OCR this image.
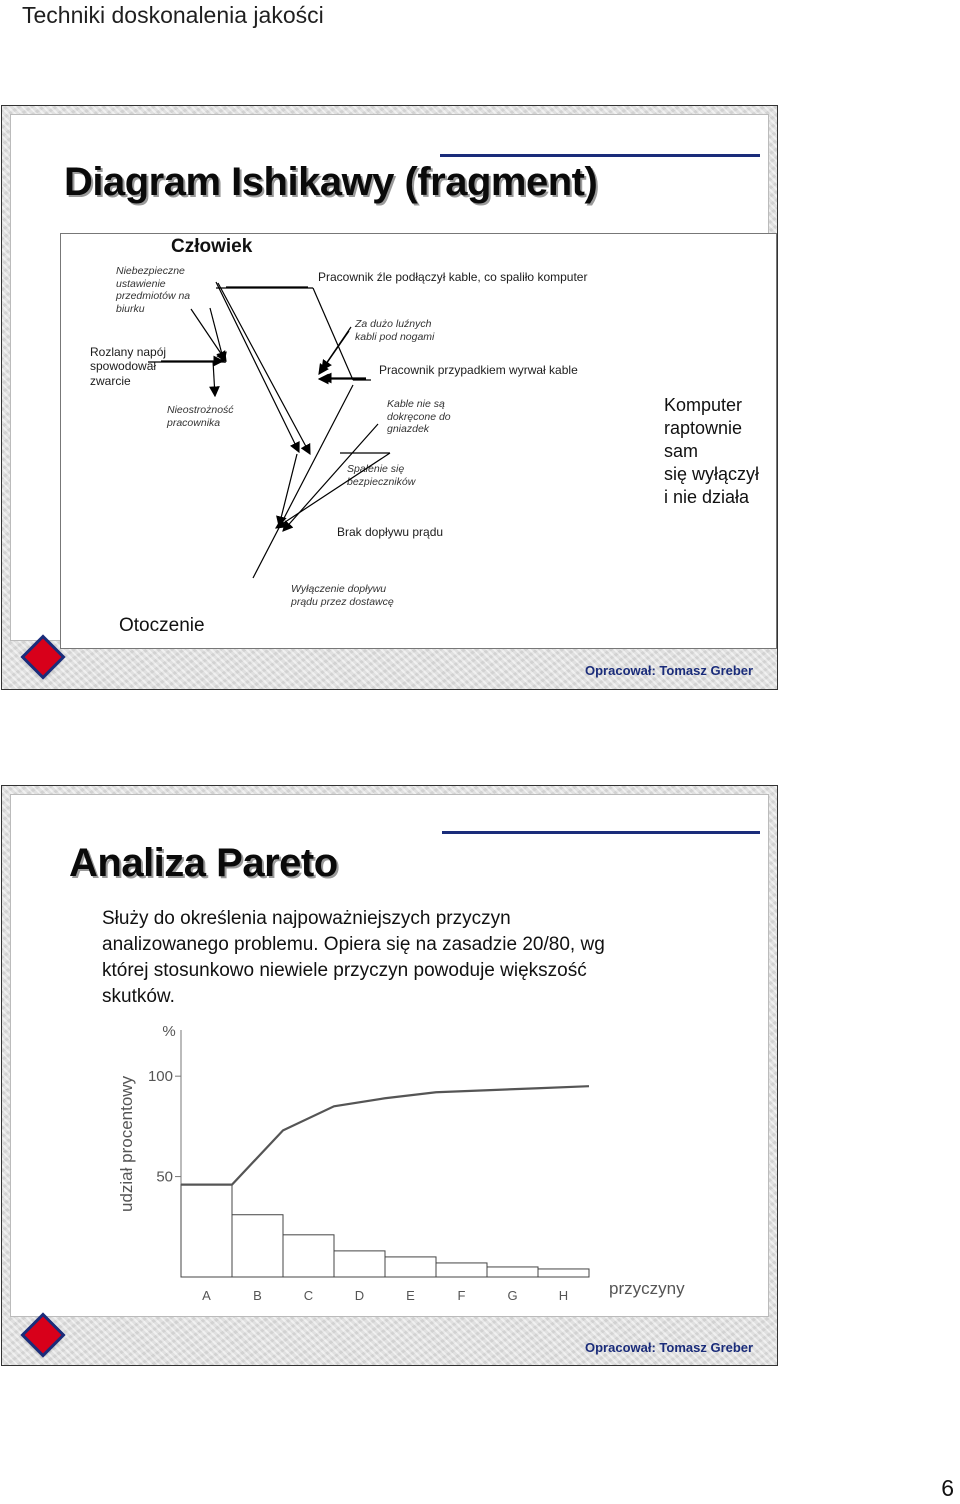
Techniki doskonalenia jakości
Diagram Ishikawy (fragment)
Opracował: Tomasz Greber
Niebezpieczne
ustawienie
przedmiotów na
biurku
Rozlany napój
spowodował
zwarcie
Nieostrożność
pracownika
Za dużo luźnych
kabli pod nogami
Kable nie są
dokręcone do
gniazdek
Spalenie się
bezpieczników
Wyłączenie dopływu
prądu przez dostawcę
Komputer
raptownie
sam
się wyłączył
i nie działa
Człowiek
Otoczenie
Pracownik źle podłączył kable, co spaliło komputer
Pracownik przypadkiem wyrwał kable
Brak dopływu prądu
Analiza Pareto
Opracował: Tomasz Greber
Służy do określenia najpoważniejszych przyczyn
analizowanego problemu. Opiera się na zasadzie 20/80, wg
której stosunkowo niewiele przyczyn powoduje większość
skutków.
%
udział procentowy
przyczyny
50
100
A	B	C	D	E	F	G	H
6
